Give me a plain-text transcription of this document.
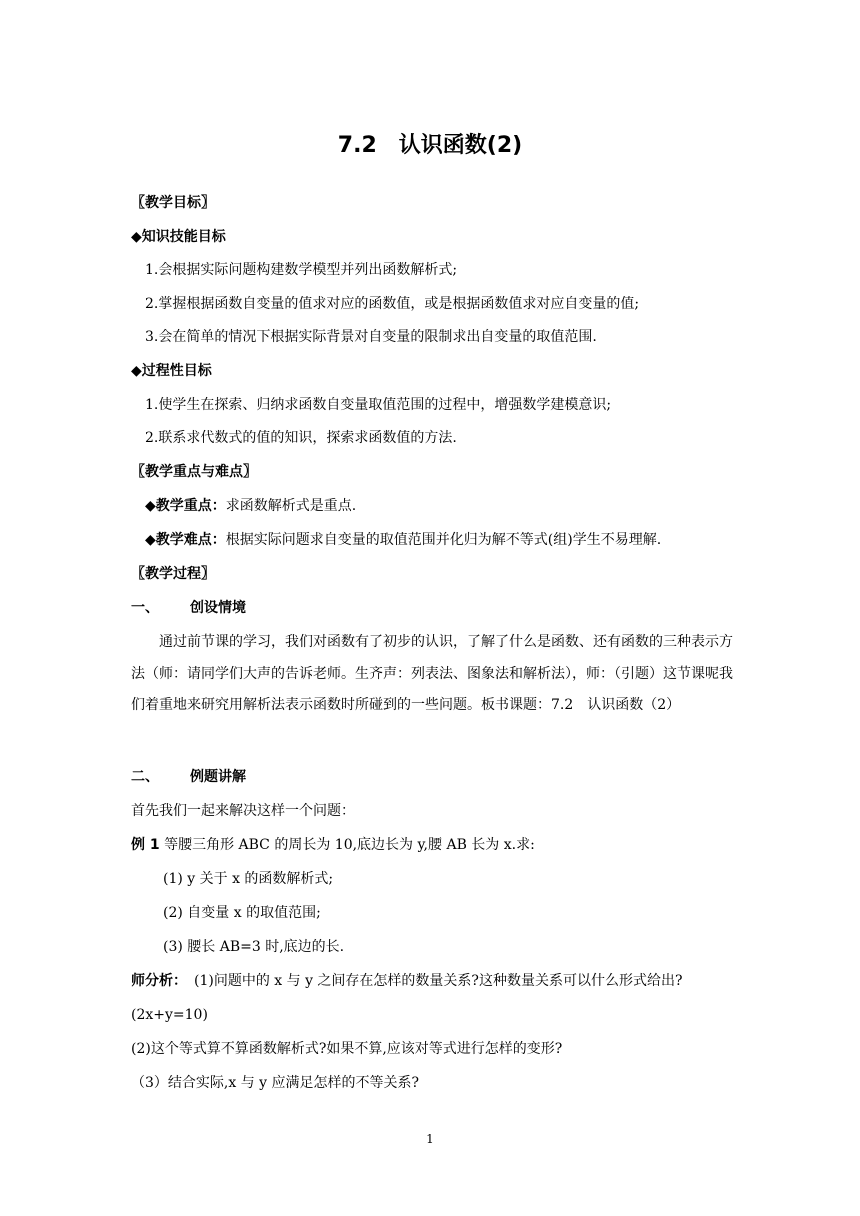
7.2　认识函数(2)
〖教学目标〗
◆知识技能目标
1.会根据实际问题构建数学模型并列出函数解析式;
2.掌握根据函数自变量的值求对应的函数值，或是根据函数值求对应自变量的值;
3.会在简单的情况下根据实际背景对自变量的限制求出自变量的取值范围.
◆过程性目标
1.使学生在探索、归纳求函数自变量取值范围的过程中，增强数学建模意识;
2.联系求代数式的值的知识，探索求函数值的方法.
〖教学重点与难点〗
◆教学重点：求函数解析式是重点.
◆教学难点：根据实际问题求自变量的取值范围并化归为解不等式(组)学生不易理解.
〖教学过程〗
一、 创设情境
通过前节课的学习，我们对函数有了初步的认识，了解了什么是函数、还有函数的三种表示方法（师：请同学们大声的告诉老师。生齐声：列表法、图象法和解析法），师：（引题）这节课呢我们着重地来研究用解析法表示函数时所碰到的一些问题。板书课题：7.2　认识函数（2）
二、 例题讲解
首先我们一起来解决这样一个问题：
例 1 等腰三角形 ABC 的周长为 10,底边长为 y,腰 AB 长为 x.求:
(1) y 关于 x 的函数解析式;
(2) 自变量 x 的取值范围;
(3) 腰长 AB=3 时,底边的长.
师分析：　(1)问题中的 x 与 y 之间存在怎样的数量关系?这种数量关系可以什么形式给出?
(2x+y=10)
(2)这个等式算不算函数解析式?如果不算,应该对等式进行怎样的变形?
（3）结合实际,x 与 y 应满足怎样的不等关系?
1
